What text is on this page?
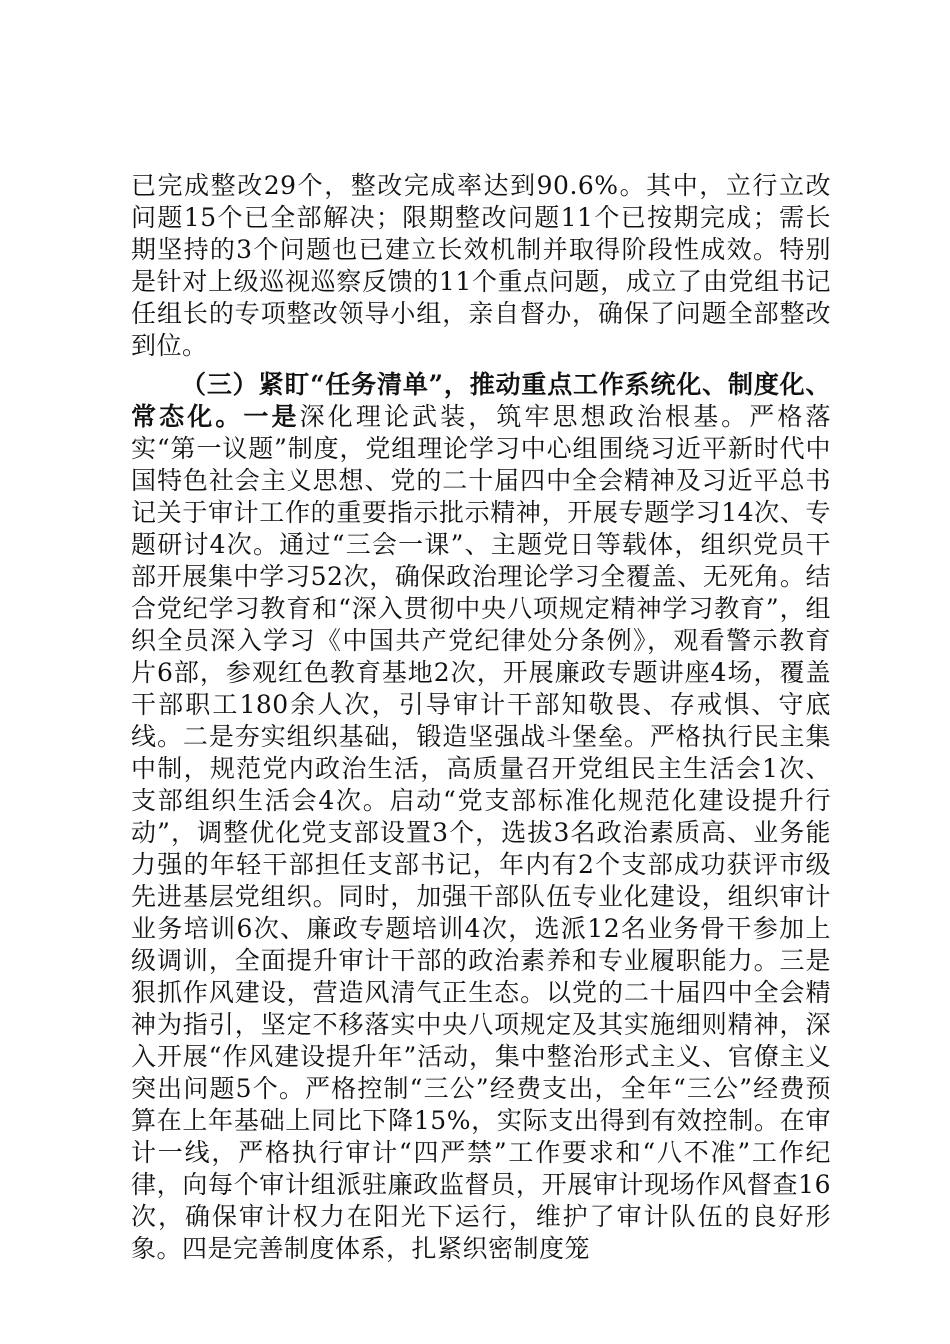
已完成整改29个，整改完成率达到90.6%。其中，立行立改问题15个已全部解决；限期整改问题11个已按期完成；需长期坚持的3个问题也已建立长效机制并取得阶段性成效。特别是针对上级巡视巡察反馈的11个重点问题，成立了由党组书记任组长的专项整改领导小组，亲自督办，确保了问题全部整改到位。

（三）紧盯“任务清单”，推动重点工作系统化、制度化、常态化。一是深化理论武装，筑牢思想政治根基。严格落实“第一议题”制度，党组理论学习中心组围绕习近平新时代中国特色社会主义思想、党的二十届四中全会精神及习近平总书记关于审计工作的重要指示批示精神，开展专题学习14次、专题研讨4次。通过“三会一课”、主题党日等载体，组织党员干部开展集中学习52次，确保政治理论学习全覆盖、无死角。结合党纪学习教育和“深入贯彻中央八项规定精神学习教育”，组织全员深入学习《中国共产党纪律处分条例》，观看警示教育片6部，参观红色教育基地2次，开展廉政专题讲座4场，覆盖干部职工180余人次，引导审计干部知敬畏、存戒惧、守底线。二是夯实组织基础，锻造坚强战斗堡垒。严格执行民主集中制，规范党内政治生活，高质量召开党组民主生活会1次、支部组织生活会4次。启动“党支部标准化规范化建设提升行动”，调整优化党支部设置3个，选拔3名政治素质高、业务能力强的年轻干部担任支部书记，年内有2个支部成功获评市级先进基层党组织。同时，加强干部队伍专业化建设，组织审计业务培训6次、廉政专题培训4次，选派12名业务骨干参加上级调训，全面提升审计干部的政治素养和专业履职能力。三是狠抓作风建设，营造风清气正生态。以党的二十届四中全会精神为指引，坚定不移落实中央八项规定及其实施细则精神，深入开展“作风建设提升年”活动，集中整治形式主义、官僚主义突出问题5个。严格控制“三公”经费支出，全年“三公”经费预算在上年基础上同比下降15%，实际支出得到有效控制。在审计一线，严格执行审计“四严禁”工作要求和“八不准”工作纪律，向每个审计组派驻廉政监督员，开展审计现场作风督查16次，确保审计权力在阳光下运行，维护了审计队伍的良好形象。四是完善制度体系，扎紧织密制度笼
